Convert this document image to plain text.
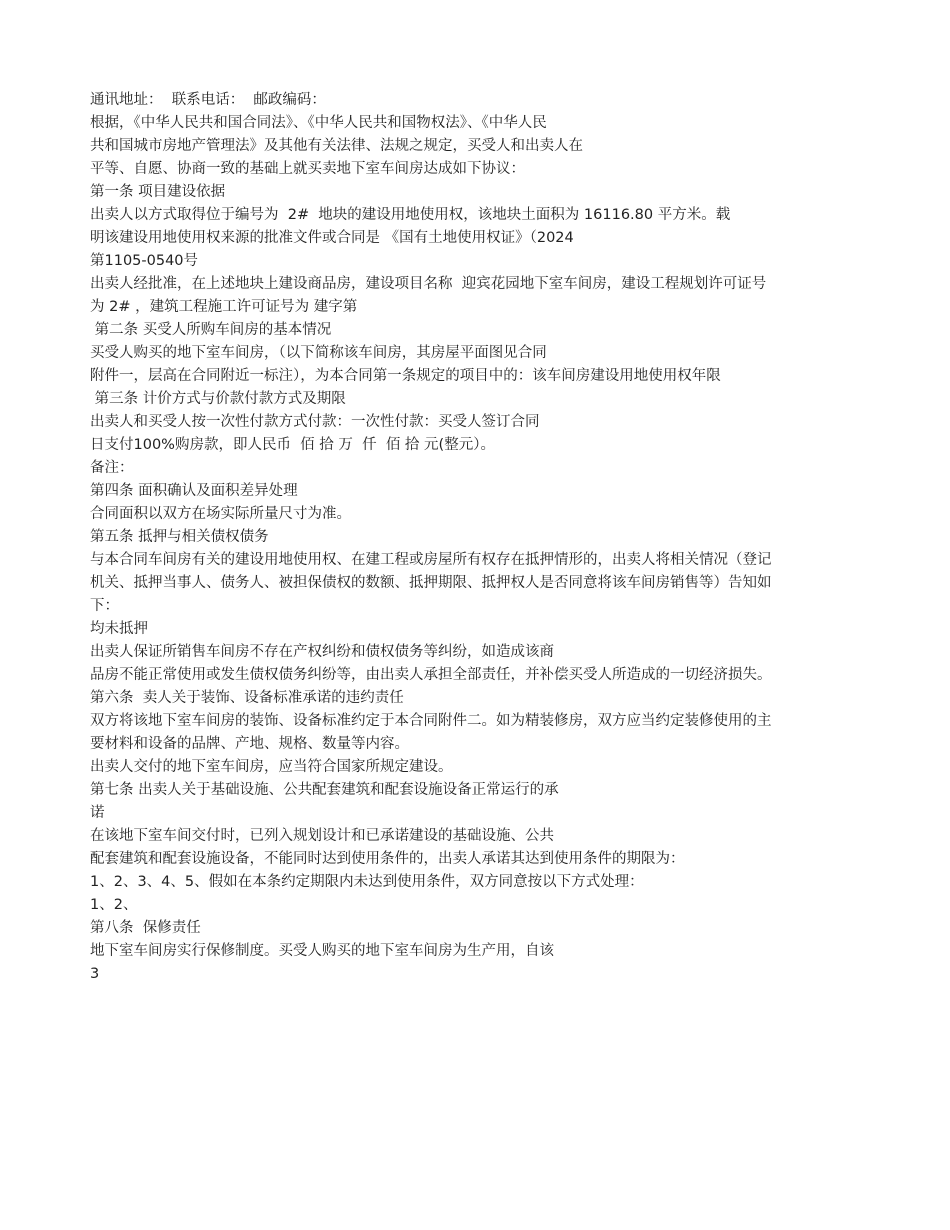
通讯地址：  联系电话：  邮政编码：
根据，《中华人民共和国合同法》、《中华人民共和国物权法》、《中华人民
共和国城市房地产管理法》及其他有关法律、法规之规定，买受人和出卖人在
平等、自愿、协商一致的基础上就买卖地下室车间房达成如下协议：
第一条 项目建设依据
出卖人以方式取得位于编号为  2#  地块的建设用地使用权，该地块土面积为 16116.80 平方米。载
明该建设用地使用权来源的批准文件或合同是 《国有土地使用权证》（2024
第1105-0540号
出卖人经批准，在上述地块上建设商品房，建设项目名称  迎宾花园地下室车间房，建设工程规划许可证号
为 2# ，建筑工程施工许可证号为 建字第
第二条 买受人所购车间房的基本情况
买受人购买的地下室车间房，（以下简称该车间房，其房屋平面图见合同
附件一，层高在合同附近一标注），为本合同第一条规定的项目中的：该车间房建设用地使用权年限
第三条 计价方式与价款付款方式及期限
出卖人和买受人按一次性付款方式付款：一次性付款：买受人签订合同
日支付100%购房款，即人民币  佰 拾 万  仟  佰 拾 元(整元）。
备注：
第四条 面积确认及面积差异处理
合同面积以双方在场实际所量尺寸为准。
第五条 抵押与相关债权债务
与本合同车间房有关的建设用地使用权、在建工程或房屋所有权存在抵押情形的，出卖人将相关情况（登记
机关、抵押当事人、债务人、被担保债权的数额、抵押期限、抵押权人是否同意将该车间房销售等）告知如
下：
均未抵押
出卖人保证所销售车间房不存在产权纠纷和债权债务等纠纷，如造成该商
品房不能正常使用或发生债权债务纠纷等，由出卖人承担全部责任，并补偿买受人所造成的一切经济损失。
第六条  卖人关于装饰、设备标准承诺的违约责任
双方将该地下室车间房的装饰、设备标准约定于本合同附件二。如为精装修房，双方应当约定装修使用的主
要材料和设备的品牌、产地、规格、数量等内容。
出卖人交付的地下室车间房，应当符合国家所规定建设。
第七条 出卖人关于基础设施、公共配套建筑和配套设施设备正常运行的承
诺
在该地下室车间交付时，已列入规划设计和已承诺建设的基础设施、公共
配套建筑和配套设施设备，不能同时达到使用条件的，出卖人承诺其达到使用条件的期限为：
1、2、3、4、5、假如在本条约定期限内未达到使用条件，双方同意按以下方式处理：
1、2、
第八条  保修责任
地下室车间房实行保修制度。买受人购买的地下室车间房为生产用，自该
3
